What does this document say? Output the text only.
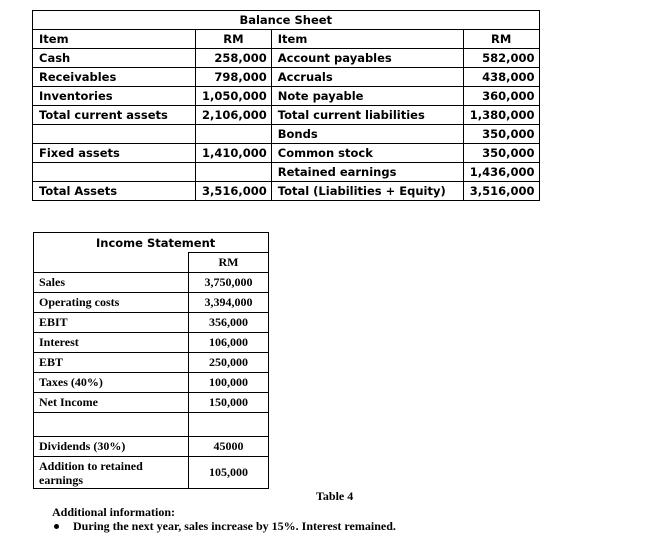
Balance Sheet			
Item	RM	Item	RM
Cash	258,000	Account payables	582,000
Receivables	798,000	Accruals	438,000
Inventories	1,050,000	Note payable	360,000
Total current assets	2,106,000	Total current liabilities	1,380,000
		Bonds	350,000
Fixed assets	1,410,000	Common stock	350,000
		Retained earnings	1,436,000
Total Assets	3,516,000	Total (Liabilities + Equity)	3,516,000
Income Statement	
	RM
Sales	3,750,000
Operating costs	3,394,000
EBIT	356,000
Interest	106,000
EBT	250,000
Taxes (40%)	100,000
Net Income	150,000

Dividends (30%)	45000
Addition to retained earnings	105,000
Table 4
Additional information:
During the next year, sales increase by 15%. Interest remained.
